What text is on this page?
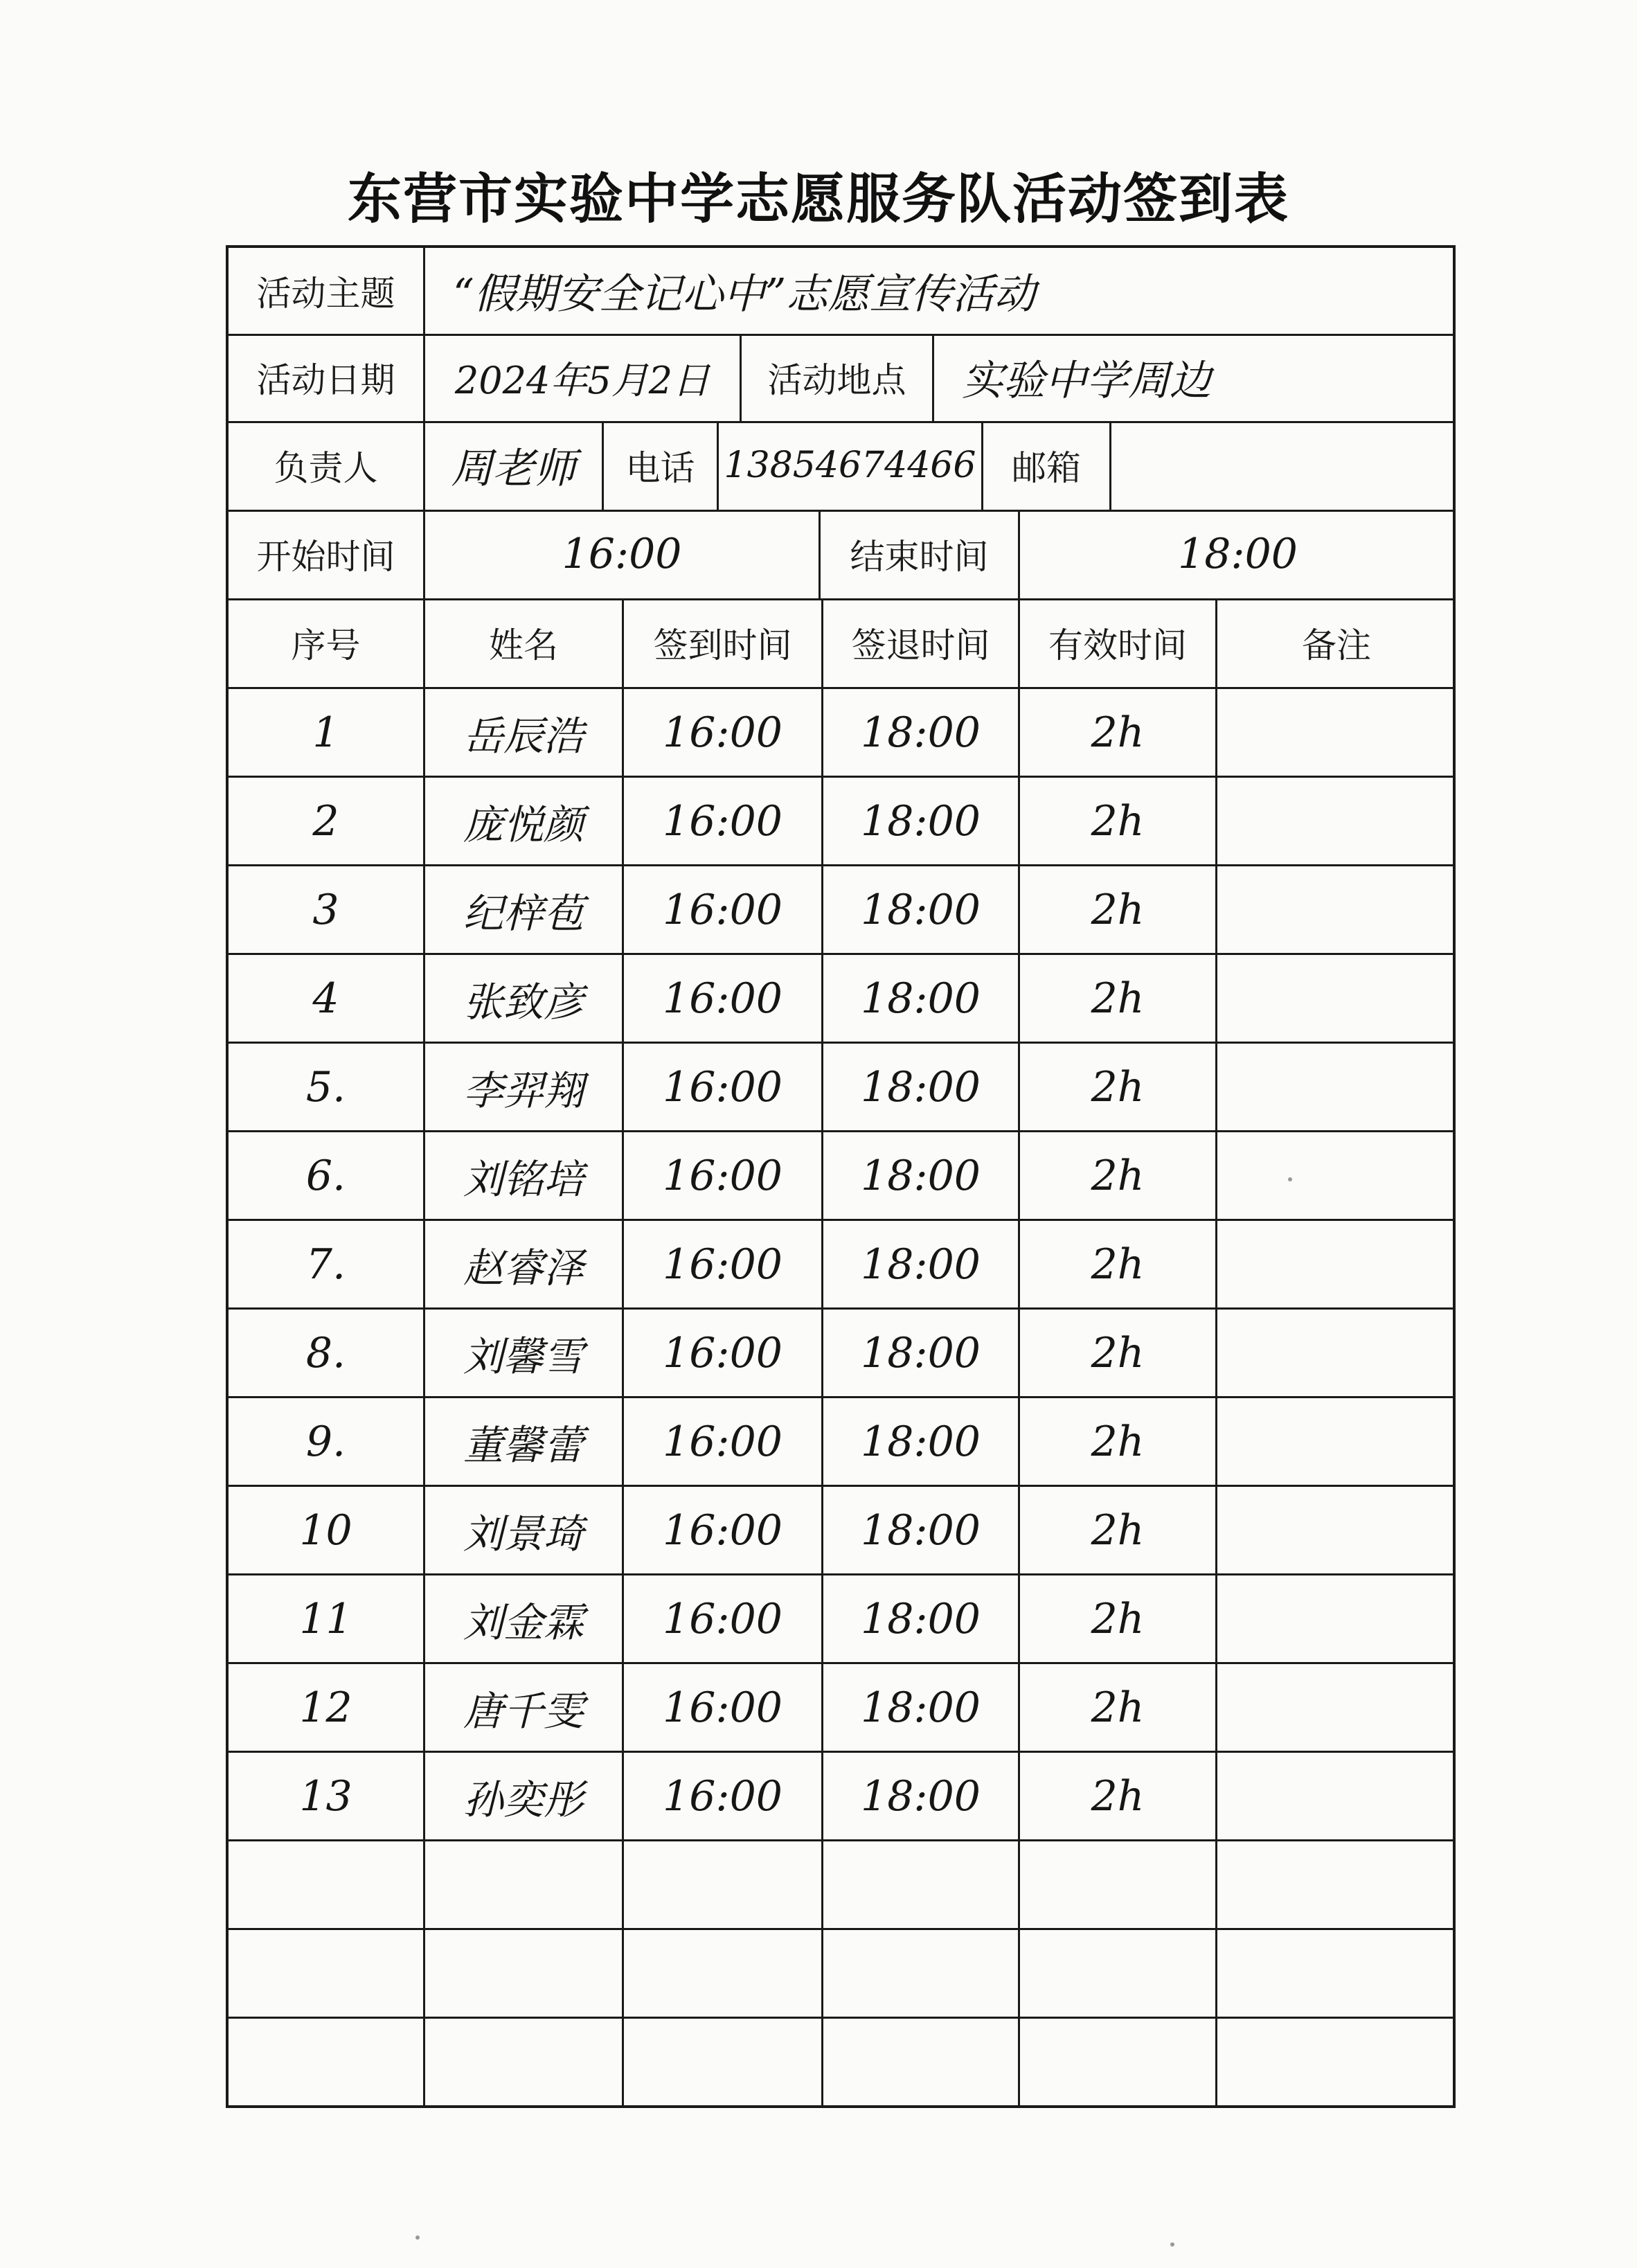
东营市实验中学志愿服务队活动签到表
活动主题	“假期安全记心中”志愿宣传活动
活动日期	2024年5月2日	活动地点	实验中学周边
负责人	周老师	电话 13854674466	邮箱
开始时间	16:00	结束时间	18:00
序号	姓名	签到时间	签退时间	有效时间	备注
1	岳辰浩	16:00	18:00	2h
2	庞悦颜	16:00	18:00	2h
3	纪梓苞	16:00	18:00	2h
4	张致彦	16:00	18:00	2h
5.	李羿翔	16:00	18:00	2h
6.	刘铭培	16:00	18:00	2h
7.	赵睿泽	16:00	18:00	2h
8.	刘馨雪	16:00	18:00	2h
9.	董馨蕾	16:00	18:00	2h
10	刘景琦	16:00	18:00	2h
11	刘金霖	16:00	18:00	2h
12	唐千雯	16:00	18:00	2h
13	孙奕彤	16:00	18:00	2h
